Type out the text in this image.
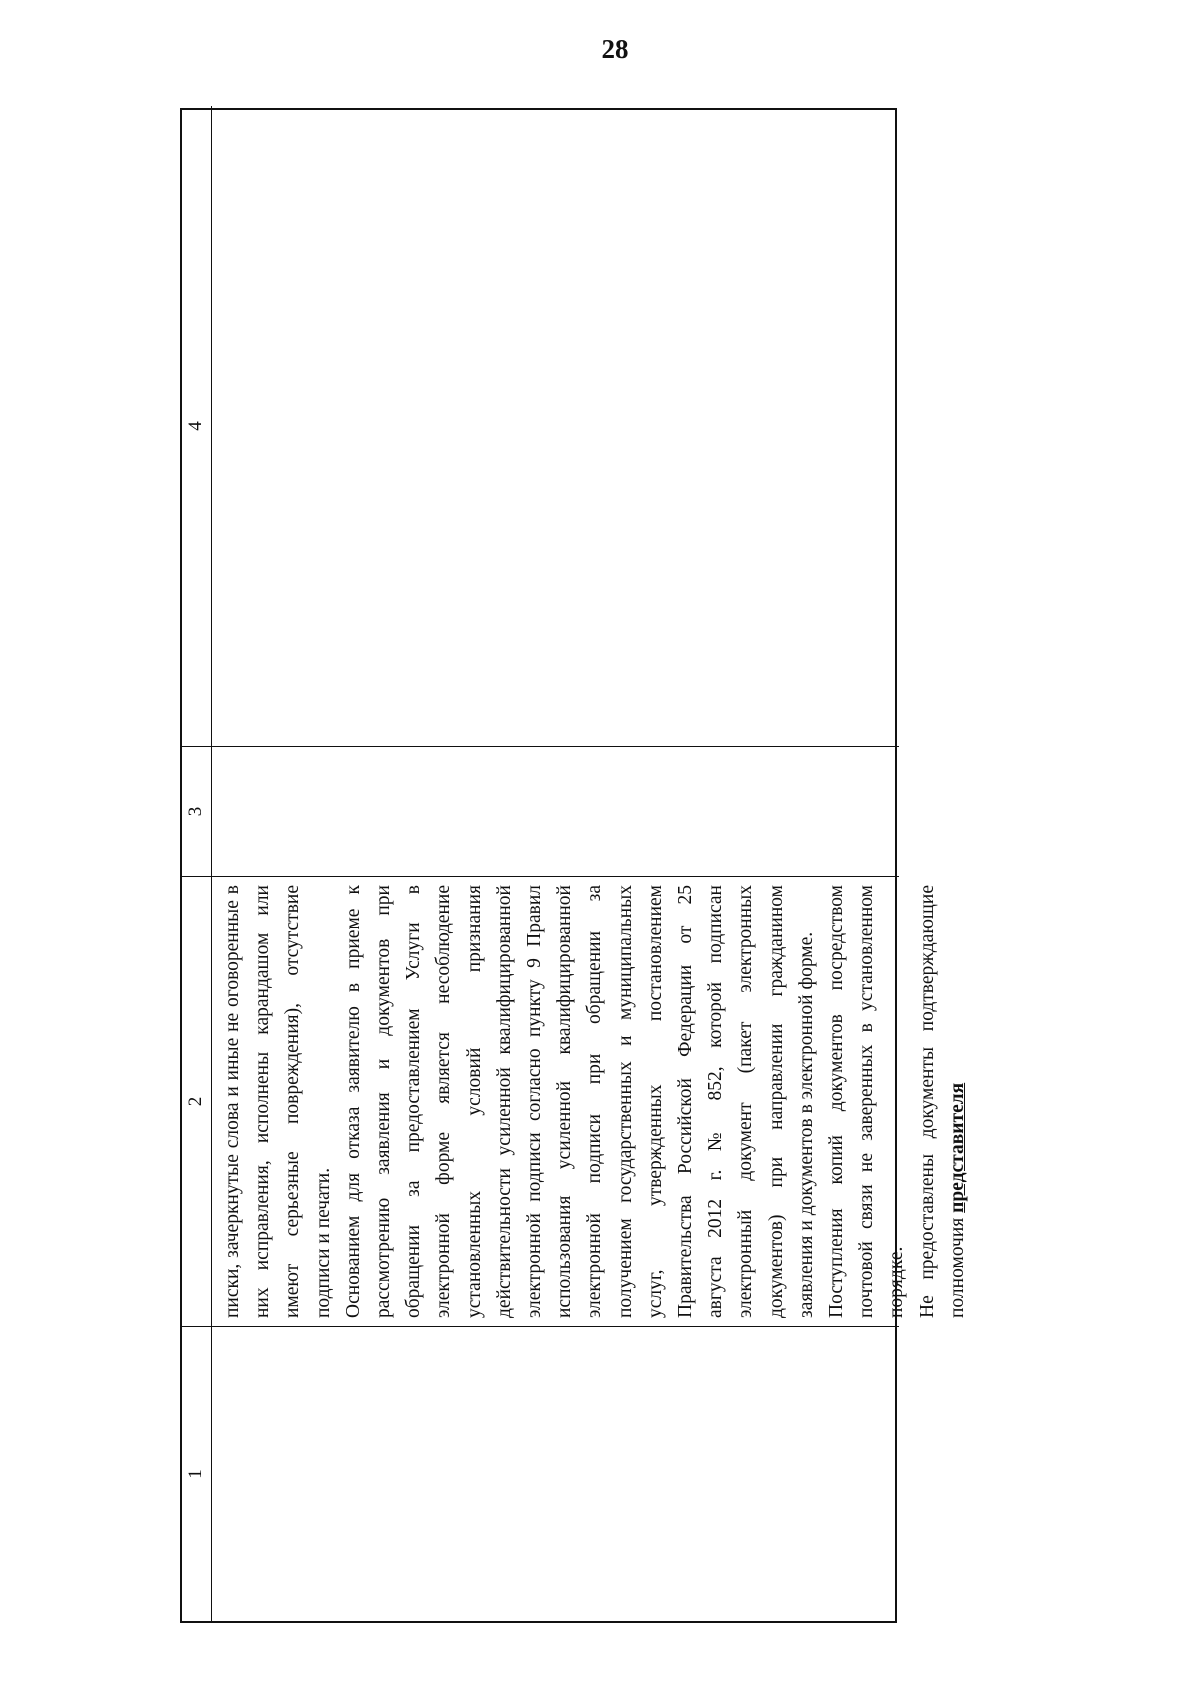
28
1
2
3
4

писки, зачеркнутые слова и иные не оговоренные в них исправления, исполнены карандашом или имеют серьезные повреждения), отсутствие подписи и печати. Основанием для отказа заявителю в приеме к рассмотрению заявления и документов при обращении за предоставлением Услуги в электронной форме является несоблюдение установленных условий признания действительности усиленной квалифицированной электронной подписи согласно пункту 9 Правил использования усиленной квалифицированной электронной подписи при обращении за получением государственных и муниципальных услуг, утвержденных постановлением Правительства Российской Федерации от 25 августа 2012 г. № 852, которой подписан электронный документ (пакет электронных документов) при направлении гражданином заявления и документов в электронной форме. Поступления копий документов посредством почтовой связи не заверенных в установленном порядке. Не предоставлены документы подтверждающие полномочия представителя
